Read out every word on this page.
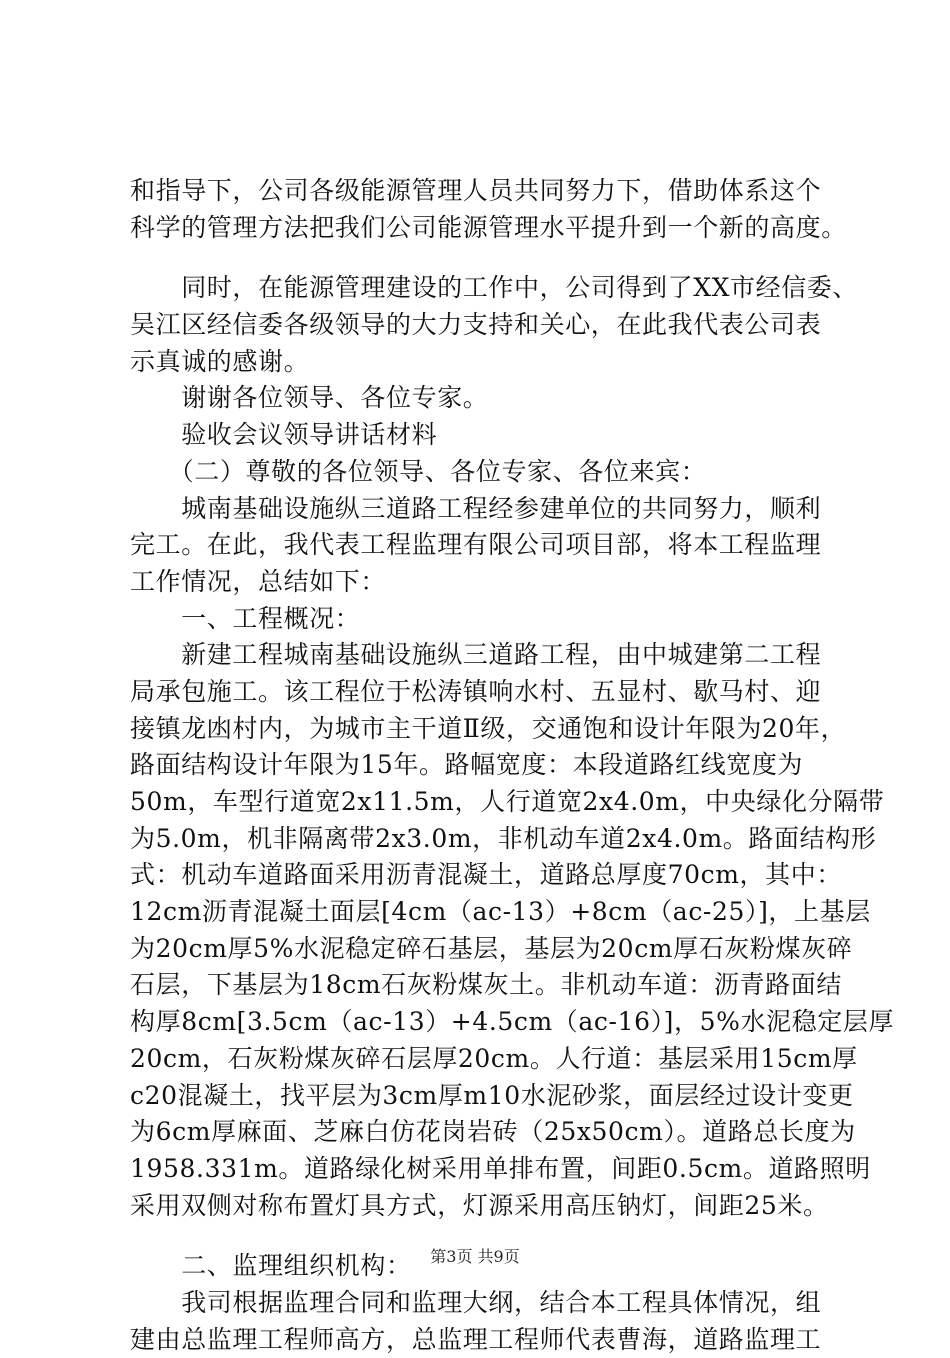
和指导下，公司各级能源管理人员共同努力下，借助体系这个
科学的管理方法把我们公司能源管理水平提升到一个新的高度。
　　同时，在能源管理建设的工作中，公司得到了XX市经信委、
吴江区经信委各级领导的大力支持和关心，在此我代表公司表
示真诚的感谢。
　　谢谢各位领导、各位专家。
　　验收会议领导讲话材料
　　（二）尊敬的各位领导、各位专家、各位来宾：
　　城南基础设施纵三道路工程经参建单位的共同努力，顺利
完工。在此，我代表工程监理有限公司项目部，将本工程监理
工作情况，总结如下：
　　一、工程概况：
　　新建工程城南基础设施纵三道路工程，由中城建第二工程
局承包施工。该工程位于松涛镇响水村、五显村、歇马村、迎
接镇龙凼村内，为城市主干道Ⅱ级，交通饱和设计年限为20年，
路面结构设计年限为15年。路幅宽度：本段道路红线宽度为
50m，车型行道宽2x11.5m，人行道宽2x4.0m，中央绿化分隔带
为5.0m，机非隔离带2x3.0m，非机动车道2x4.0m。路面结构形
式：机动车道路面采用沥青混凝土，道路总厚度70cm，其中：
12cm沥青混凝土面层[4cm（ac-13）+8cm（ac-25）]，上基层
为20cm厚5%水泥稳定碎石基层，基层为20cm厚石灰粉煤灰碎
石层，下基层为18cm石灰粉煤灰土。非机动车道：沥青路面结
构厚8cm[3.5cm（ac-13）+4.5cm（ac-16）]，5%水泥稳定层厚
20cm，石灰粉煤灰碎石层厚20cm。人行道：基层采用15cm厚
c20混凝土，找平层为3cm厚m10水泥砂浆，面层经过设计变更
为6cm厚麻面、芝麻白仿花岗岩砖（25x50cm）。道路总长度为
1958.331m。道路绿化树采用单排布置，间距0.5cm。道路照明
采用双侧对称布置灯具方式，灯源采用高压钠灯，间距25米。
　　二、监理组织机构：
　　我司根据监理合同和监理大纲，结合本工程具体情况，组
建由总监理工程师高方，总监理工程师代表曹海，道路监理工
第3页 共9页
